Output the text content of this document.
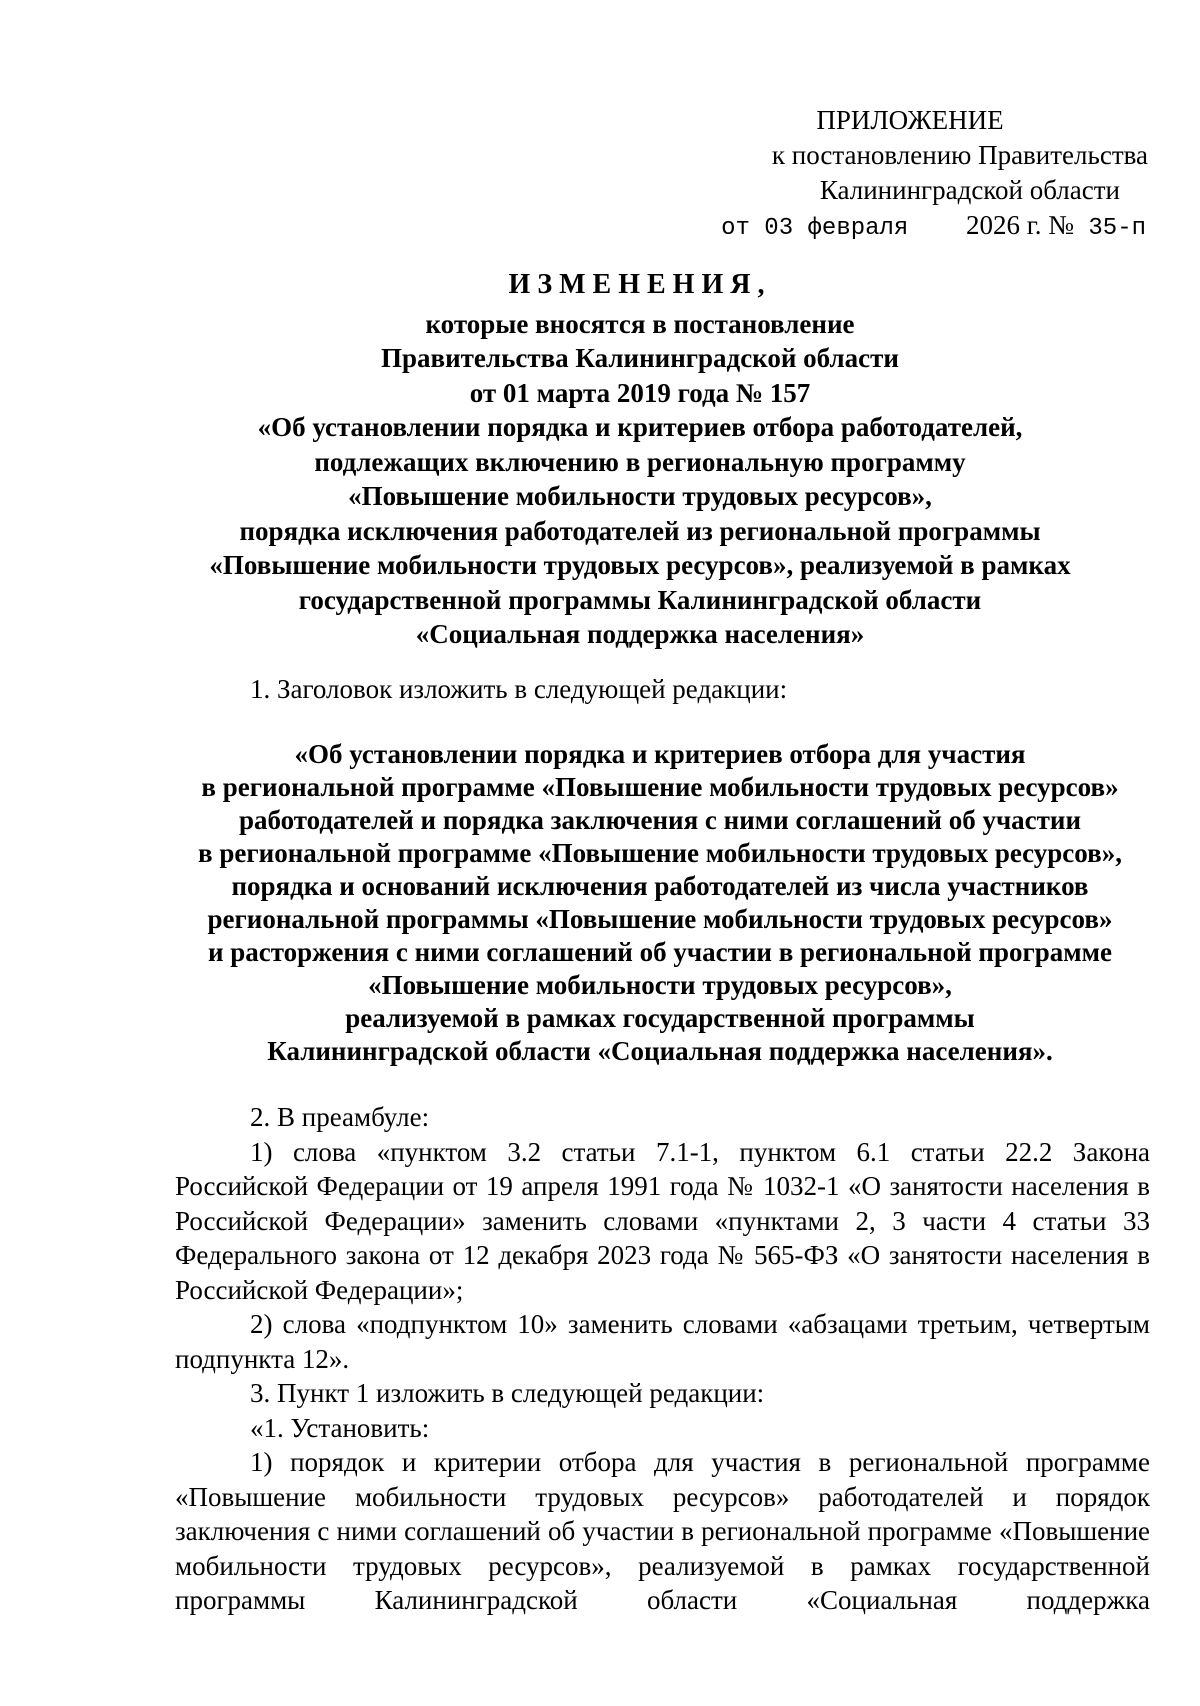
ПРИЛОЖЕНИЕ
к постановлению Правительства
Калининградской области
от 03 февраля 2026 г. № 35-п
ИЗМЕНЕНИЯ,
которые вносятся в постановление
Правительства Калининградской области
от 01 марта 2019 года № 157
«Об установлении порядка и критериев отбора работодателей,
подлежащих включению в региональную программу
«Повышение мобильности трудовых ресурсов»,
порядка исключения работодателей из региональной программы
«Повышение мобильности трудовых ресурсов», реализуемой в рамках
государственной программы Калининградской области
«Социальная поддержка населения»
1. Заголовок изложить в следующей редакции:
«Об установлении порядка и критериев отбора для участия
в региональной программе «Повышение мобильности трудовых ресурсов»
работодателей и порядка заключения с ними соглашений об участии
в региональной программе «Повышение мобильности трудовых ресурсов»,
порядка и оснований исключения работодателей из числа участников
региональной программы «Повышение мобильности трудовых ресурсов»
и расторжения с ними соглашений об участии в региональной программе
«Повышение мобильности трудовых ресурсов»,
реализуемой в рамках государственной программы
Калининградской области «Социальная поддержка населения».
2. В преамбуле:
1) слова «пунктом 3.2 статьи 7.1-1, пунктом 6.1 статьи 22.2 Закона Российской Федерации от 19 апреля 1991 года № 1032-1 «О занятости населения в Российской Федерации» заменить словами «пунктами 2, 3 части 4 статьи 33 Федерального закона от 12 декабря 2023 года № 565-ФЗ «О занятости населения в Российской Федерации»;
2) слова «подпунктом 10» заменить словами «абзацами третьим, четвертым подпункта 12».
3. Пункт 1 изложить в следующей редакции:
«1. Установить:
1) порядок и критерии отбора для участия в региональной программе «Повышение мобильности трудовых ресурсов» работодателей и порядок заключения с ними соглашений об участии в региональной программе «Повышение мобильности трудовых ресурсов», реализуемой в рамках государственной программы Калининградской области «Социальная поддержка
